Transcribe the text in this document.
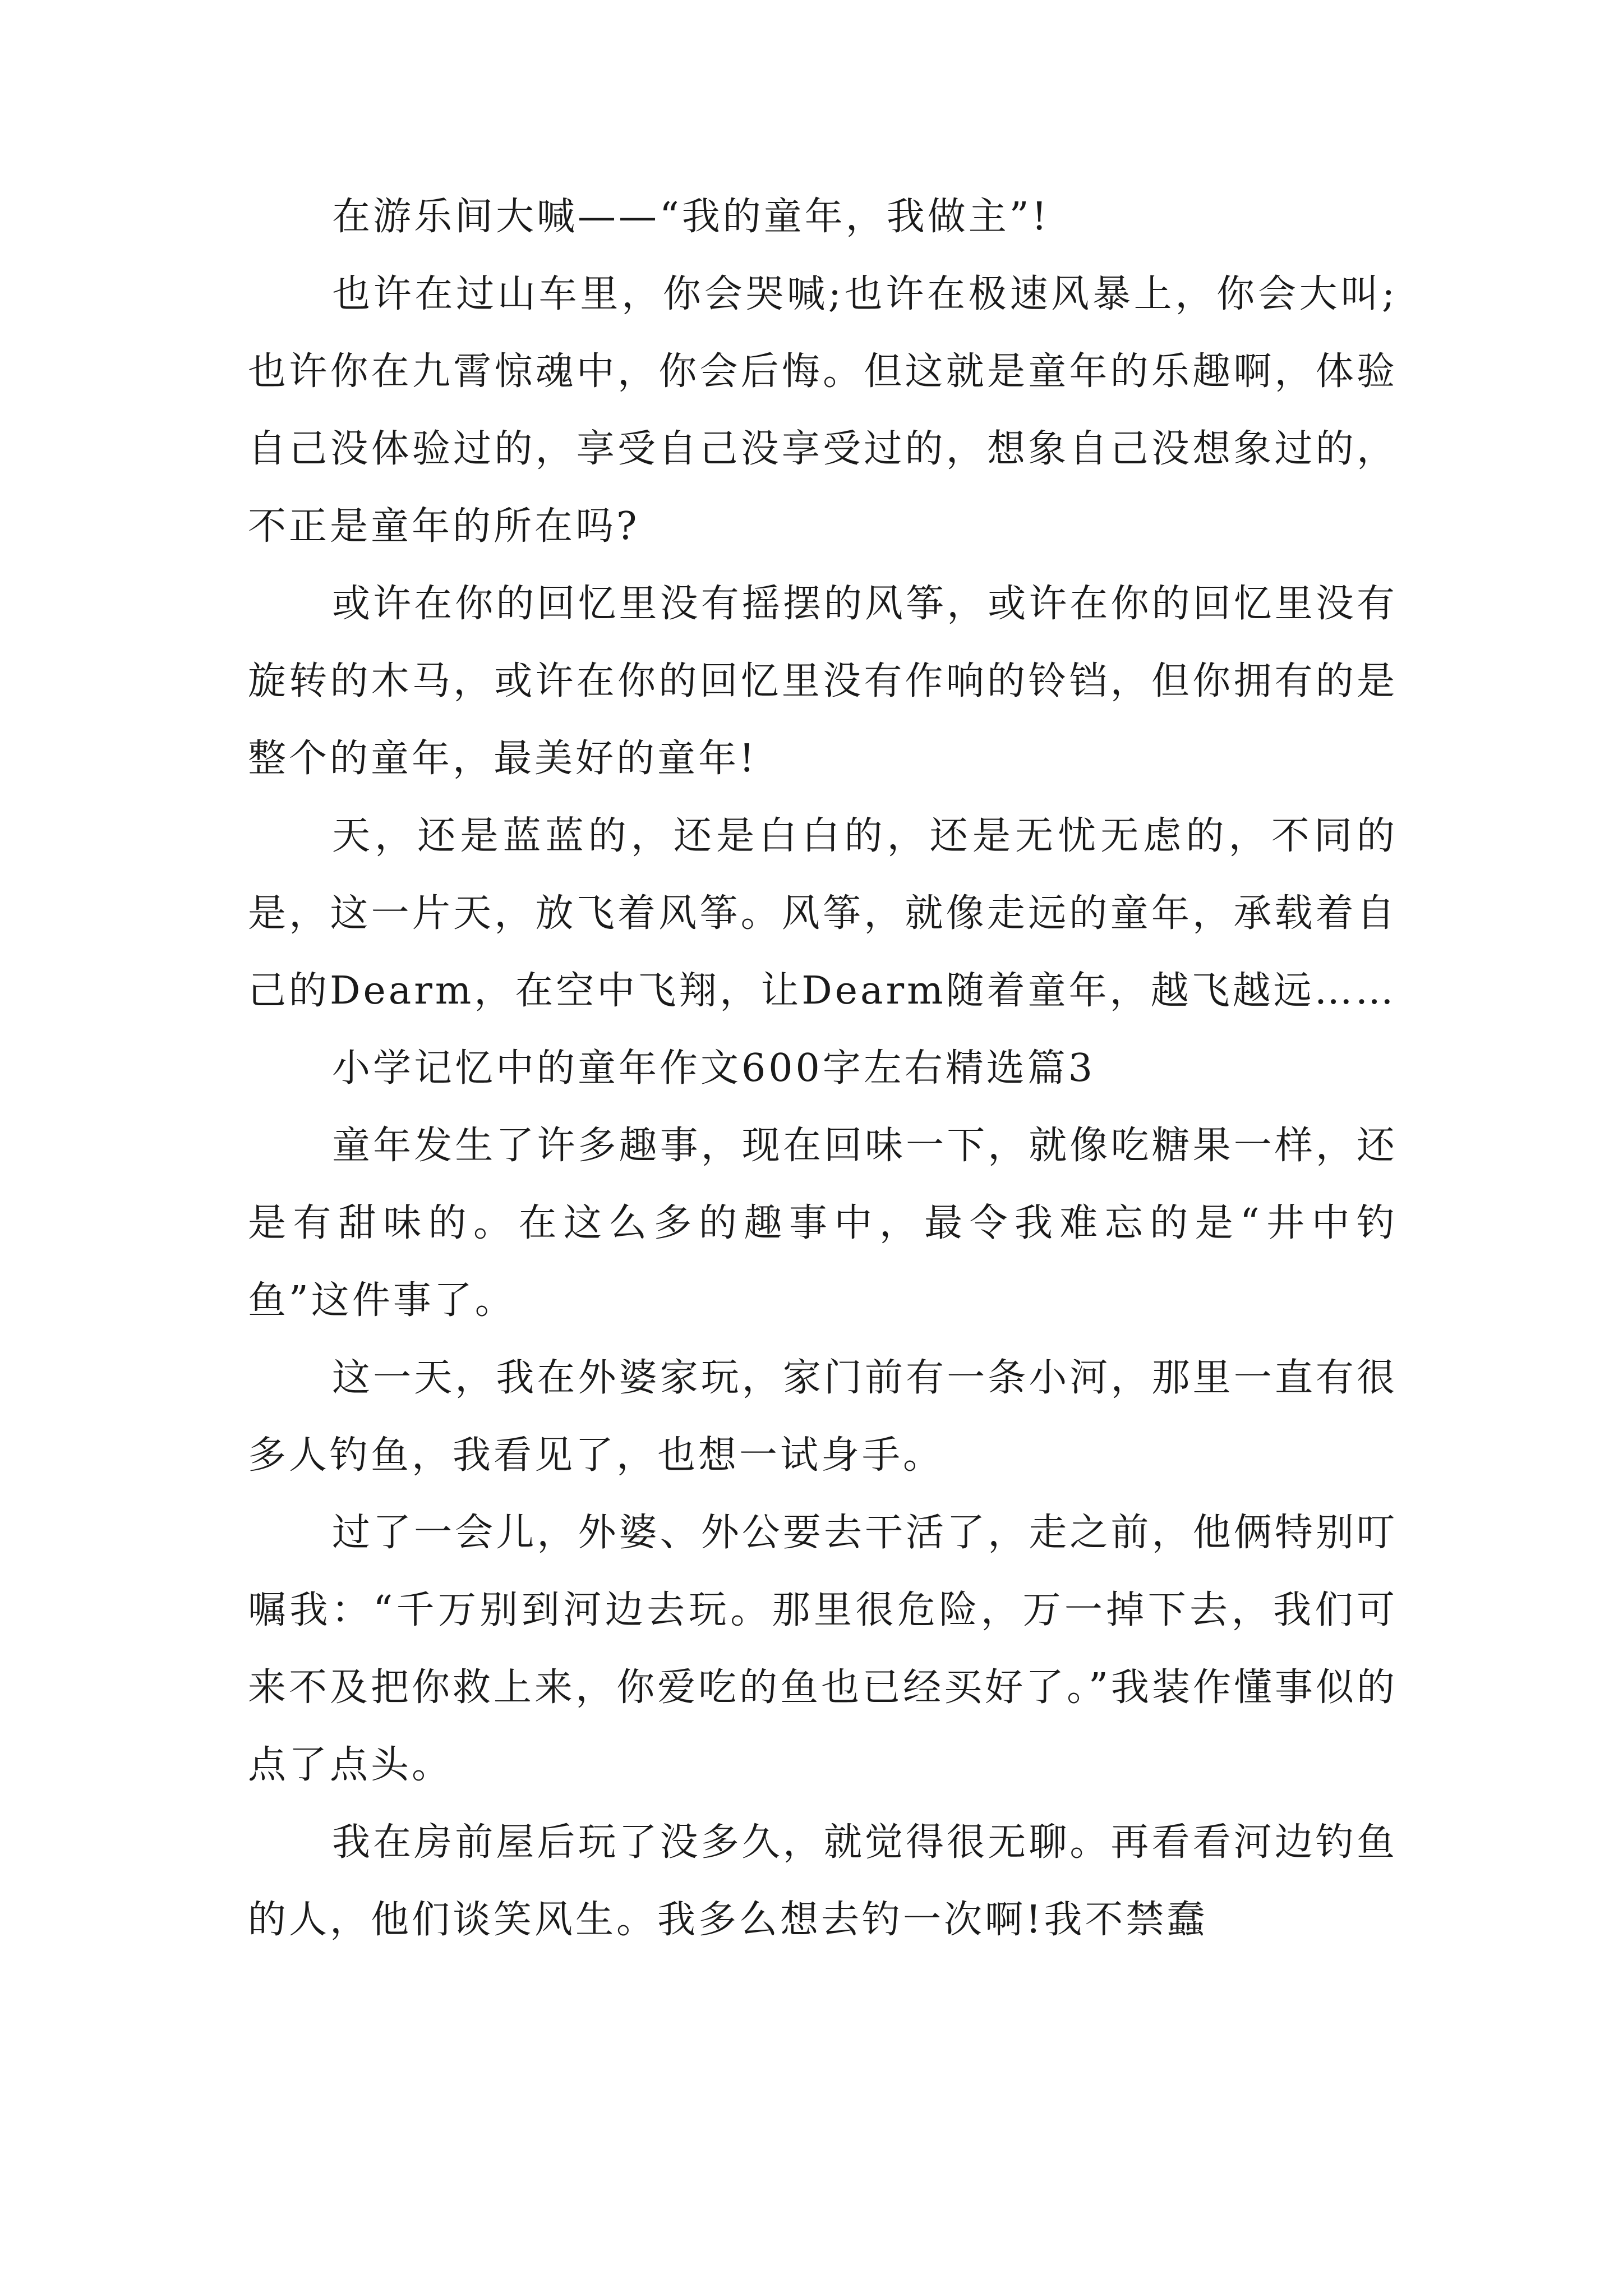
在游乐间大喊——“我的童年，我做主”!

也许在过山车里，你会哭喊;也许在极速风暴上，你会大叫;也许你在九霄惊魂中，你会后悔。但这就是童年的乐趣啊，体验自己没体验过的，享受自己没享受过的，想象自己没想象过的，不正是童年的所在吗?

或许在你的回忆里没有摇摆的风筝，或许在你的回忆里没有旋转的木马，或许在你的回忆里没有作响的铃铛，但你拥有的是整个的童年，最美好的童年!

天，还是蓝蓝的，还是白白的，还是无忧无虑的，不同的是，这一片天，放飞着风筝。风筝，就像走远的童年，承载着自己的Dearm，在空中飞翔，让Dearm随着童年，越飞越远……

小学记忆中的童年作文600字左右精选篇3

童年发生了许多趣事，现在回味一下，就像吃糖果一样，还是有甜味的。在这么多的趣事中，最令我难忘的是“井中钓鱼”这件事了。

这一天，我在外婆家玩，家门前有一条小河，那里一直有很多人钓鱼，我看见了，也想一试身手。

过了一会儿，外婆、外公要去干活了，走之前，他俩特别叮嘱我：“千万别到河边去玩。那里很危险，万一掉下去，我们可来不及把你救上来，你爱吃的鱼也已经买好了。”我装作懂事似的点了点头。

我在房前屋后玩了没多久，就觉得很无聊。再看看河边钓鱼的人，他们谈笑风生。我多么想去钓一次啊!我不禁蠢
